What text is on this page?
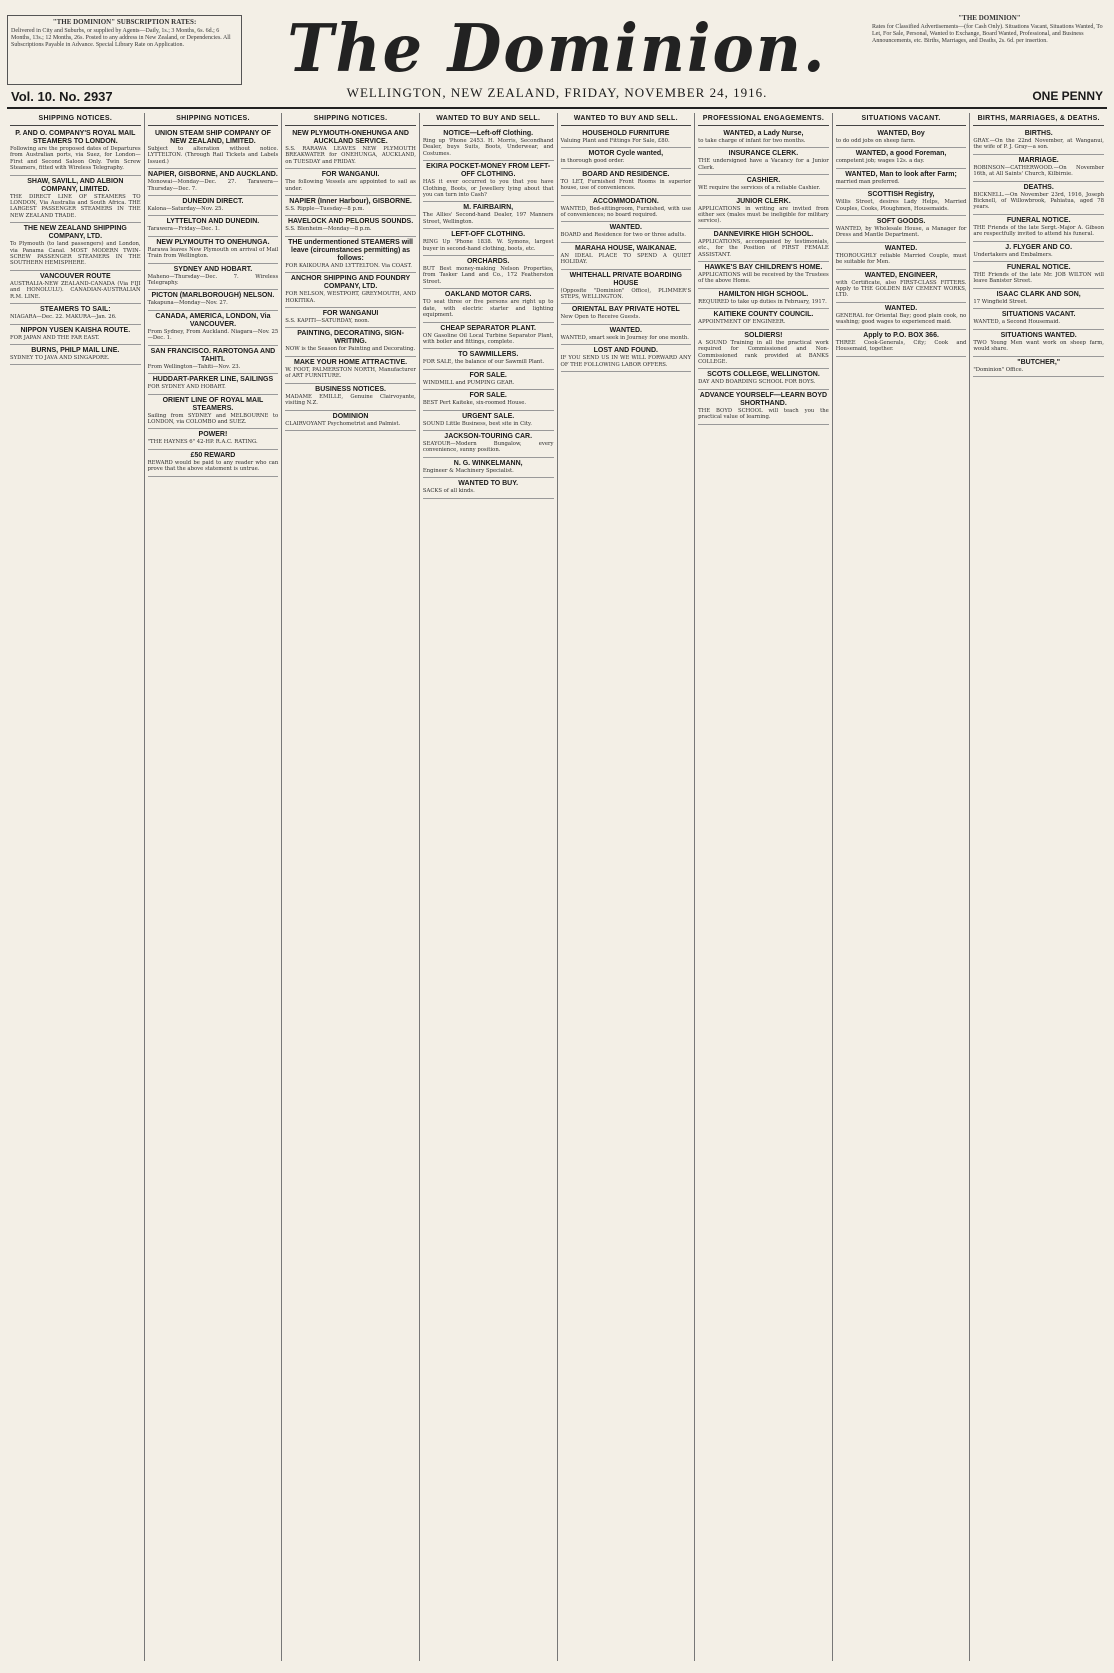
"THE DOMINION" SUBSCRIPTION RATES:
Delivered in City and Suburbs, or supplied by Agents—Daily, 1s.; 3 Months, 6s. 6d.; 6 Months, 13s.; 12 Months, 26s. Posted to any address in New Zealand, or Dependencies. All Subscriptions Payable in Advance. Special Library Rate on Application.	The Dominion.	"THE DOMINION"
Rates for Classified Advertisements—(for Cash Only). Situations Vacant, Situations Wanted, To Let, For Sale, Personal, Wanted to Exchange, Board Wanted, Professional, and Business Announcements, etc. Births, Marriages, and Deaths, 2s. 6d. per insertion.
Vol. 10. No. 2937	WELLINGTON, NEW ZEALAND, FRIDAY, NOVEMBER 24, 1916.	ONE PENNY
SHIPPING NOTICES.
P. AND O. COMPANY'S ROYAL MAIL STEAMERS TO LONDON.
Following are the proposed dates of Departures from Australian ports, via Suez, for London—First and Second Saloon Only. Twin Screw Steamers, fitted with Wireless Telegraphy.
SHAW, SAVILL, AND ALBION COMPANY, LIMITED.
THE DIRECT LINE OF STEAMERS TO LONDON, Via Australia and South Africa. THE LARGEST PASSENGER STEAMERS IN THE NEW ZEALAND TRADE.
THE NEW ZEALAND SHIPPING COMPANY, LTD.
To Plymouth (to land passengers) and London, via Panama Canal. MOST MODERN TWIN-SCREW PASSENGER STEAMERS IN THE SOUTHERN HEMISPHERE.
VANCOUVER ROUTE
AUSTRALIA-NEW ZEALAND-CANADA (Via FIJI and HONOLULU). CANADIAN-AUSTRALIAN R.M. LINE.
STEAMERS TO SAIL:
NIAGARA—Dec. 22. MAKURA—Jan. 26.
NIPPON YUSEN KAISHA ROUTE.
FOR JAPAN AND THE FAR EAST.
BURNS, PHILP MAIL LINE.
SYDNEY TO JAVA AND SINGAPORE.
SHIPPING NOTICES.
UNION STEAM SHIP COMPANY OF NEW ZEALAND, LIMITED.
Subject to alteration without notice. LYTTELTON. (Through Rail Tickets and Labels Issued.)
NAPIER, GISBORNE, AND AUCKLAND.
Monowai—Monday—Dec. 27. Tarawera—Thursday—Dec. 7.
DUNEDIN DIRECT.
Kalona—Saturday—Nov. 25.
LYTTELTON AND DUNEDIN.
Tarawera—Friday—Dec. 1.
NEW PLYMOUTH TO ONEHUNGA.
Rarawa leaves New Plymouth on arrival of Mail Train from Wellington.
SYDNEY AND HOBART.
Maheno—Thursday—Dec. 7. Wireless Telegraphy.
PICTON (MARLBOROUGH) NELSON.
Takapuna—Monday—Nov. 27.
CANADA, AMERICA, LONDON, Via VANCOUVER.
From Sydney, From Auckland. Niagara—Nov. 25—Dec. 1.
SAN FRANCISCO. RAROTONGA AND TAHITI.
From Wellington—Tahiti—Nov. 23.
HUDDART-PARKER LINE, SAILINGS
FOR SYDNEY AND HOBART.
ORIENT LINE OF ROYAL MAIL STEAMERS.
Sailing from SYDNEY and MELBOURNE to LONDON, via COLOMBO and SUEZ.
POWER!
"THE HAYNES 6" 42-HP. R.A.C. RATING.
£50 REWARD
REWARD would be paid to any reader who can prove that the above statement is untrue.
SHIPPING NOTICES.
NEW PLYMOUTH-ONEHUNGA AND AUCKLAND SERVICE.
S.S. RARAWA LEAVES NEW PLYMOUTH BREAKWATER for ONEHUNGA, AUCKLAND, on TUESDAY and FRIDAY.
FOR WANGANUI.
The following Vessels are appointed to sail as under.
NAPIER (Inner Harbour), GISBORNE.
S.S. Ripple—Tuesday—8 p.m.
HAVELOCK AND PELORUS SOUNDS.
S.S. Blenheim—Monday—8 p.m.
THE undermentioned STEAMERS will leave (circumstances permitting) as follows:
FOR KAIKOURA AND LYTTELTON. Via COAST.
ANCHOR SHIPPING AND FOUNDRY COMPANY, LTD.
FOR NELSON, WESTPORT, GREYMOUTH, AND HOKITIKA.
FOR WANGANUI
S.S. KAPITI—SATURDAY, noon.
PAINTING, DECORATING, SIGN-WRITING.
NOW is the Season for Painting and Decorating.
MAKE YOUR HOME ATTRACTIVE.
W. FOOT, PALMERSTON NORTH, Manufacturer of ART FURNITURE.
BUSINESS NOTICES.
MADAME EMILLE, Genuine Clairvoyante, visiting N.Z.
DOMINION
CLAIRVOYANT Psychometrist and Palmist.
WANTED TO BUY AND SELL.
NOTICE—Left-off Clothing.
Ring up 'Phone 2453. H. Morris, Secondhand Dealer, buys Suits, Boots, Underwear, and Costumes.
EKIRA POCKET-MONEY FROM LEFT-OFF CLOTHING.
HAS it ever occurred to you that you have Clothing, Boots, or Jewellery lying about that you can turn into Cash?
M. FAIRBAIRN,
The Allies' Second-hand Dealer, 197 Manners Street, Wellington.
LEFT-OFF CLOTHING.
RING Up 'Phone 1838. W. Symons, largest buyer in second-hand clothing, boots, etc.
ORCHARDS.
BUT Best money-making Nelson Properties, from Tasker Land and Co., 172 Featherston Street.
OAKLAND MOTOR CARS.
TO seat three or five persons are right up to date, with electric starter and lighting equipment.
CHEAP SEPARATOR PLANT.
ON Gasoline Oil Local Turbine Separator Plant, with boiler and fittings, complete.
TO SAWMILLERS.
FOR SALE, the balance of our Sawmill Plant.
FOR SALE.
WINDMILL and PUMPING GEAR.
FOR SALE.
BEST Pert Kaiteke, six-roomed House.
URGENT SALE.
SOUND Little Business, best site in City.
JACKSON-TOURING CAR.
SEAYOUR—Modern Bungalow, every convenience, sunny position.
N. G. WINKELMANN,
Engineer & Machinery Specialist.
WANTED TO BUY.
SACKS of all kinds.
WANTED TO BUY AND SELL.
HOUSEHOLD FURNITURE
Valuing Plant and Fittings For Sale, £80.
MOTOR Cycle wanted,
in thorough good order.
BOARD AND RESIDENCE.
TO LET, Furnished Front Rooms in superior house, use of conveniences.
ACCOMMODATION.
WANTED, Bed-sittingroom, Furnished, with use of conveniences; no board required.
WANTED.
BOARD and Residence for two or three adults.
MARAHA HOUSE, WAIKANAE.
AN IDEAL PLACE TO SPEND A QUIET HOLIDAY.
WHITEHALL PRIVATE BOARDING HOUSE
(Opposite "Dominion" Office), PLIMMER'S STEPS, WELLINGTON.
ORIENTAL BAY PRIVATE HOTEL
New Open to Receive Guests.
WANTED.
WANTED, smart seek in Journey for one month.
LOST AND FOUND.
IF YOU SEND US IN WE WILL FORWARD ANY OF THE FOLLOWING LABOR OFFERS.
PROFESSIONAL ENGAGEMENTS.
WANTED, a Lady Nurse,
to take charge of infant for two months.
INSURANCE CLERK.
THE undersigned have a Vacancy for a Junior Clerk.
CASHIER.
WE require the services of a reliable Cashier.
JUNIOR CLERK.
APPLICATIONS in writing are invited from either sex (males must be ineligible for military service).
DANNEVIRKE HIGH SCHOOL.
APPLICATIONS, accompanied by testimonials, etc., for the Position of FIRST FEMALE ASSISTANT.
HAWKE'S BAY CHILDREN'S HOME.
APPLICATIONS will be received by the Trustees of the above Home.
HAMILTON HIGH SCHOOL.
REQUIRED to take up duties in February, 1917.
KAITIEKE COUNTY COUNCIL.
APPOINTMENT OF ENGINEER.
SOLDIERS!
A SOUND Training in all the practical work required for Commissioned and Non-Commissioned rank provided at BANKS COLLEGE.
SCOTS COLLEGE, WELLINGTON.
DAY AND BOARDING SCHOOL FOR BOYS.
ADVANCE YOURSELF—LEARN BOYD SHORTHAND.
THE BOYD SCHOOL will teach you the practical value of learning.
SITUATIONS VACANT.
WANTED, Boy
to do odd jobs on sheep farm.
WANTED, a good Foreman,
competent job; wages 12s. a day.
WANTED, Man to look after Farm;
married man preferred.
SCOTTISH Registry,
Willis Street, desires Lady Helps, Married Couples, Cooks, Ploughmen, Housemaids.
SOFT GOODS.
WANTED, by Wholesale House, a Manager for Dress and Mantle Department.
WANTED.
THOROUGHLY reliable Married Couple, must be suitable for Men.
WANTED, ENGINEER,
with Certificate, also FIRST-CLASS FITTERS. Apply to THE GOLDEN BAY CEMENT WORKS, LTD.
WANTED.
GENERAL for Oriental Bay; good plain cook, no washing; good wages to experienced maid.
Apply to P.O. BOX 366.
THREE Cook-Generals, City; Cook and Housemaid, together.
BIRTHS, MARRIAGES, & DEATHS.
BIRTHS.
GRAY.—On the 22nd November, at Wanganui, the wife of P. J. Gray—a son.
MARRIAGE.
ROBINSON—CATHERWOOD.—On November 16th, at All Saints' Church, Kilbirnie.
DEATHS.
BICKNELL.—On November 23rd, 1916, Joseph Bicknell, of Willowbrook, Pahiatua, aged 78 years.
FUNERAL NOTICE.
THE Friends of the late Sergt.-Major A. Gibson are respectfully invited to attend his funeral.
J. FLYGER AND CO.
Undertakers and Embalmers.
FUNERAL NOTICE.
THE Friends of the late Mr. JOB WILTON will leave Banister Street.
ISAAC CLARK AND SON,
17 Wingfield Street.
SITUATIONS VACANT.
WANTED, a Second Housemaid.
SITUATIONS WANTED.
TWO Young Men want work on sheep farm, would share.
"BUTCHER,"
"Dominion" Office.
